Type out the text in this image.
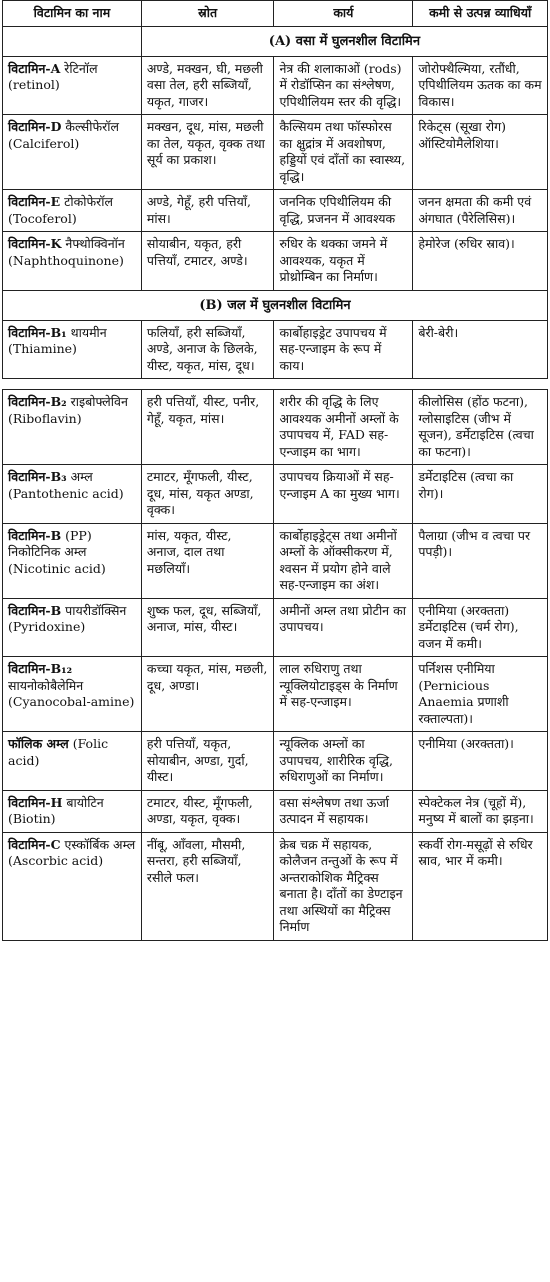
विटामिन का नाम	स्रोत	कार्य	कमी से उत्पन्न व्याधियाँ
	(A) वसा में घुलनशील विटामिन		
विटामिन-A रेटिनॉल (retinol)	अण्डे, मक्खन, घी, मछली वसा तेल, हरी सब्जियाँ, यकृत, गाजर।	नेत्र की शलाकाओं (rods) में रोडॉप्सिन का संश्लेषण, एपिथीलियम स्तर की वृद्धि।	जोरोफ्थैल्मिया, रतौंधी, एपिथीलियम ऊतक का कम विकास।
विटामिन-D कैल्सीफेरॉल (Calciferol)	मक्खन, दूध, मांस, मछली का तेल, यकृत, वृक्क तथा सूर्य का प्रकाश।	कैल्सियम तथा फॉस्फोरस का क्षुद्रांत्र में अवशोषण, हड्डियों एवं दाँतों का स्वास्थ्य, वृद्धि।	रिकेट्स (सूखा रोग) ऑस्टियोमैलेशिया।
विटामिन-E टोकोफेरॉल (Tocoferol)	अण्डे, गेहूँ, हरी पत्तियाँ, मांस।	जननिक एपिथीलियम की वृद्धि, प्रजनन में आवश्यक	जनन क्षमता की कमी एवं अंगघात (पैरेलिसिस)।
विटामिन-K नैफ्थोक्विनॉन (Naphthoquinone)	सोयाबीन, यकृत, हरी पत्तियाँ, टमाटर, अण्डे।	रुधिर के थक्का जमने में आवश्यक, यकृत में प्रोथ्रोम्बिन का निर्माण।	हेमोरेज (रुधिर स्राव)।
(B) जल में घुलनशील विटामिन			
विटामिन-B₁ थायमीन (Thiamine)	फलियाँ, हरी सब्जियाँ, अण्डे, अनाज के छिलके, यीस्ट, यकृत, मांस, दूध।	कार्बोहाइड्रेट उपापचय में सह-एन्जाइम के रूप में काय।	बेरी-बेरी।

विटामिन-B₂ राइबोफ्लेविन (Riboflavin)	हरी पत्तियाँ, यीस्ट, पनीर, गेहूँ, यकृत, मांस।	शरीर की वृद्धि के लिए आवश्यक अमीनों अम्लों के उपापचय में, FAD सह-एन्जाइम का भाग।	कीलोसिस (होंठ फटना), ग्लोसाइटिस (जीभ में सूजन), डर्मेटाइटिस (त्वचा का फटना)।
विटामिन-B₃ अम्ल (Pantothenic acid)	टमाटर, मूँगफली, यीस्ट, दूध, मांस, यकृत अण्डा, वृक्क।	उपापचय क्रियाओं में सह-एन्जाइम A का मुख्य भाग।	डर्मेटाइटिस (त्वचा का रोग)।
विटामिन-B (PP) निकोटिनिक अम्ल (Nicotinic acid)	मांस, यकृत, यीस्ट, अनाज, दाल तथा मछलियाँ।	कार्बोहाइड्रेट्स तथा अमीनों अम्लों के ऑक्सीकरण में, श्वसन में प्रयोग होने वाले सह-एन्जाइम का अंश।	पैलाग्रा (जीभ व त्वचा पर पपड़ी)।
विटामिन-B पायरीडॉक्सिन (Pyridoxine)	शुष्क फल, दूध, सब्जियाँ, अनाज, मांस, यीस्ट।	अमीनों अम्ल तथा प्रोटीन का उपापचय।	एनीमिया (अरक्तता) डर्मेटाइटिस (चर्म रोग), वजन में कमी।
विटामिन-B₁₂ सायनोकोबैलेमिन (Cyanocobal-amine)	कच्चा यकृत, मांस, मछली, दूध, अण्डा।	लाल रुधिराणु तथा न्यूक्लियोटाइड्स के निर्माण में सह-एन्जाइम।	पर्निशस एनीमिया (Pernicious Anaemia प्रणाशी रक्ताल्पता)।
फॉलिक अम्ल (Folic acid)	हरी पत्तियाँ, यकृत, सोयाबीन, अण्डा, गुर्दा, यीस्ट।	न्यूक्लिक अम्लों का उपापचय, शारीरिक वृद्धि, रुधिराणुओं का निर्माण।	एनीमिया (अरक्तता)।
विटामिन-H बायोटिन (Biotin)	टमाटर, यीस्ट, मूँगफली, अण्डा, यकृत, वृक्क।	वसा संश्लेषण तथा ऊर्जा उत्पादन में सहायक।	स्पेक्टेकल नेत्र (चूहों में), मनुष्य में बालों का झड़ना।
विटामिन-C एस्कॉर्बिक अम्ल (Ascorbic acid)	नींबू, आँवला, मौसमी, सन्तरा, हरी सब्जियाँ, रसीले फल।	क्रेब चक्र में सहायक, कोलैजन तन्तुओं के रूप में अन्तराकोशिक मैट्रिक्स बनाता है। दाँतों का डेण्टाइन तथा अस्थियों का मैट्रिक्स निर्माण	स्कर्वी रोग-मसूढ़ों से रुधिर स्राव, भार में कमी।
